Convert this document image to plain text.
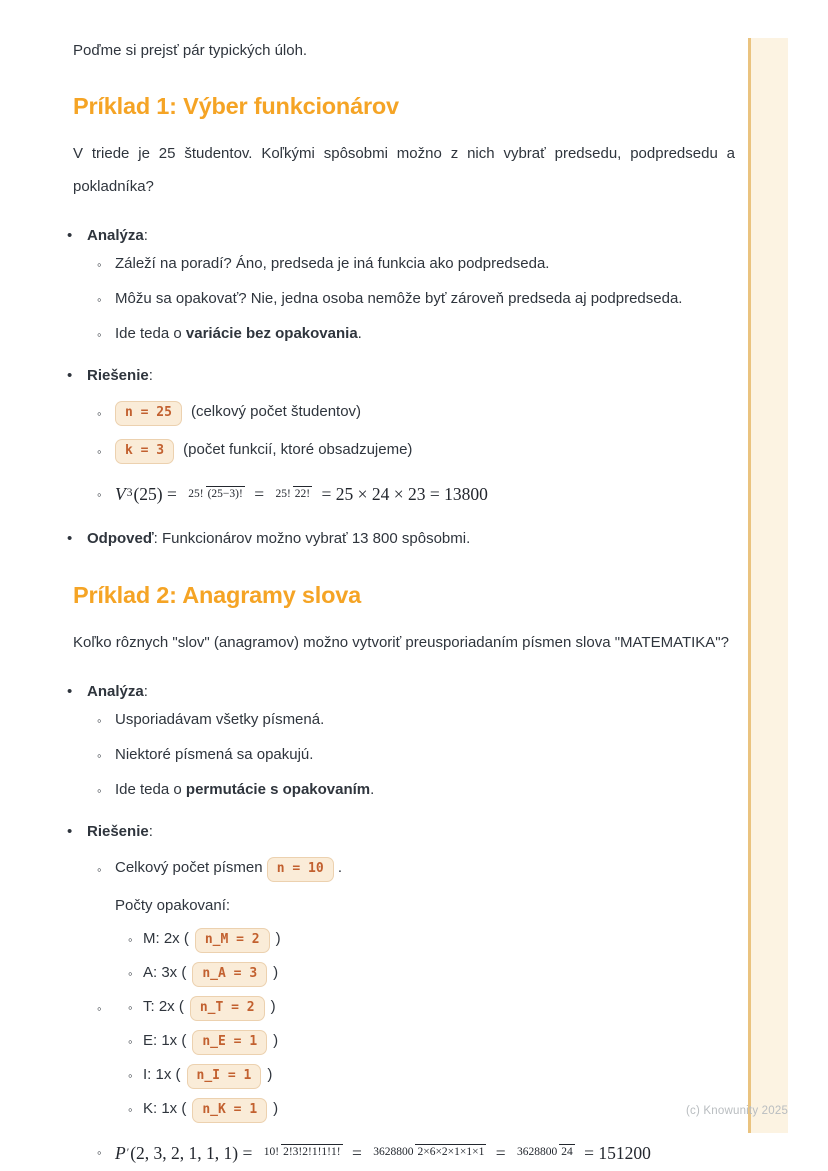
Poďme si prejsť pár typických úloh.

Príklad 1: Výber funkcionárov

V triede je 25 študentov. Koľkými spôsobmi možno z nich vybrať predsedu, podpredsedu a pokladníka?

• Analýza:
◦ Záleží na poradí? Áno, predseda je iná funkcia ako podpredseda.
◦ Môžu sa opakovať? Nie, jedna osoba nemôže byť zároveň predseda aj podpredseda.
◦ Ide teda o variácie bez opakovania.
• Riešenie:
◦	n = 25 (celkový počet študentov)
◦	k = 3 (počet funkcií, ktoré obsadzujeme)
◦ V 3 (25) = 25! (25−3)! = 25! 22! = 25 × 24 × 23 = 13800
• Odpoveď: Funkcionárov možno vybrať 13 800 spôsobmi.
Príklad 2: Anagramy slova

Koľko rôznych "slov" (anagramov) možno vytvoriť preusporiadaním písmen slova "MATEMATIKA"?

• Analýza:
◦ Usporiadávam všetky písmená.
◦ Niektoré písmená sa opakujú.
◦ Ide teda o permutácie s opakovaním.
• Riešenie:
◦ Celkový počet písmen n = 10 .
◦
Počty opakovaní:
◦ M: 2x ( n_M = 2 )
◦ A: 3x ( n_A = 3 )
◦ T: 2x ( n_T = 2 )
◦ E: 1x ( n_E = 1 )
◦ I: 1x ( n_I = 1 )
◦ K: 1x ( n_K = 1 )
◦ P ′ (2, 3, 2, 1, 1, 1) = 10! 2!3!2!1!1!1! = 3628800 2×6×2×1×1×1 = 3628800 24 = 151200
(c) Knowunity 2025
